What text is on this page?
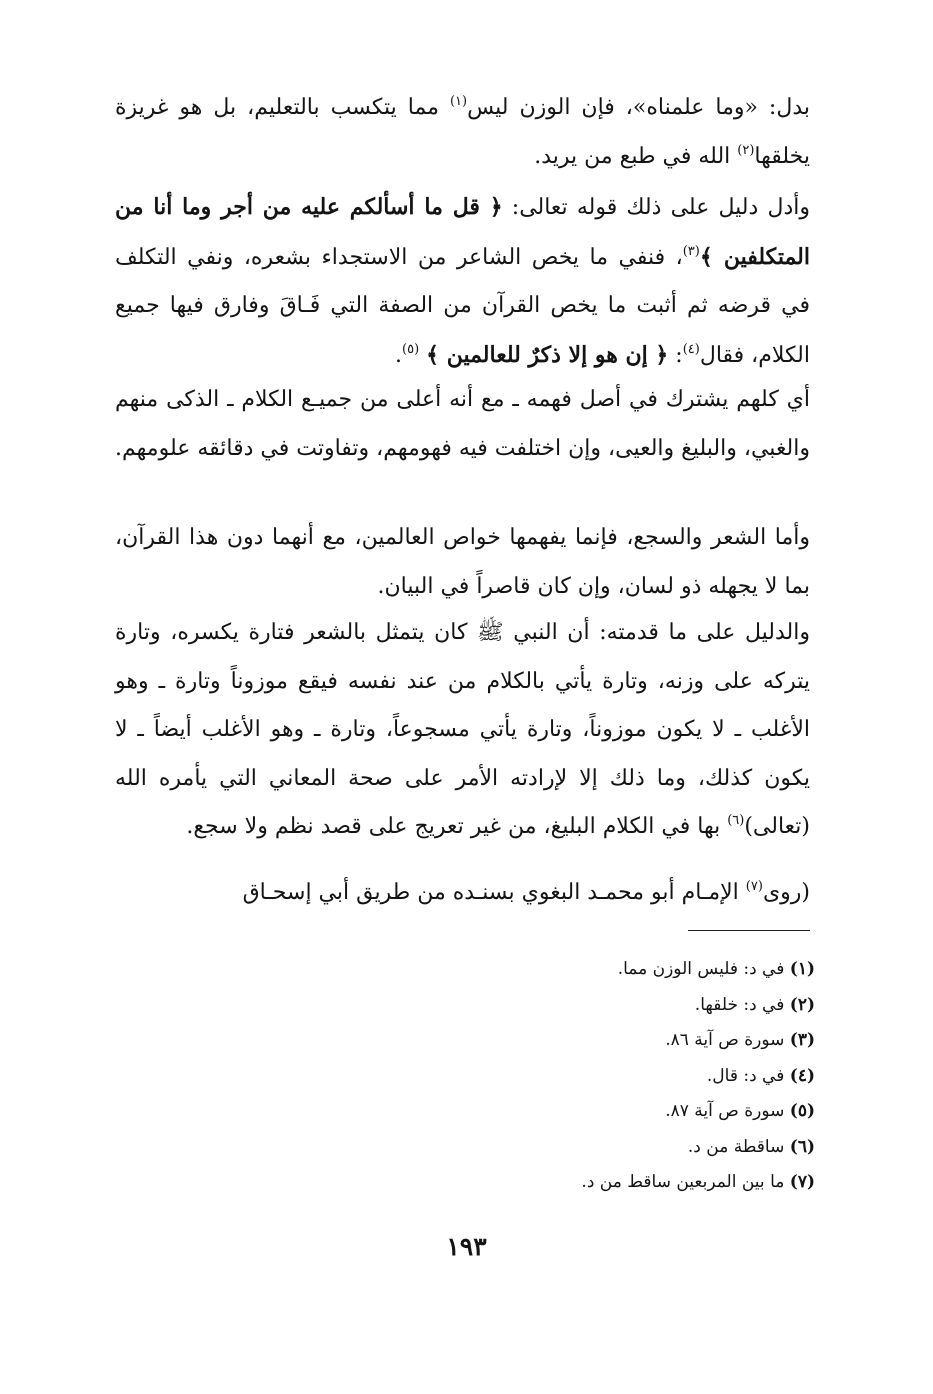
بدل: «وما علمناه»، فإن الوزن ليس$^{(١)}$ مما يتكسب بالتعليم، بل هو غريزة يخلقها$^{(٢)}$ الله في طبع من يريد.

وأدل دليل على ذلك قوله تعالى: ﴿ قل ما أسألكم عليه من أجر وما أنا من المتكلفين ﴾$^{(٣)}$، فنفي ما يخص الشاعر من الاستجداء بشعره، ونفي التكلف في قرضه ثم أثبت ما يخص القرآن من الصفة التي فَـاقَ وفارق فيها جميع الكلام، فقال$^{(٤)}$: ﴿ إن هو إلا ذكرٌ للعالمين ﴾ $^{(٥)}$.

أي كلهم يشترك في أصل فهمه ـ مع أنه أعلى من جميـع الكلام ـ الذكى منهم والغبي، والبليغ والعيى، وإن اختلفت فيه فهومهم، وتفاوتت في دقائقه علومهم.

وأما الشعر والسجع، فإنما يفهمها خواص العالمين، مع أنهما دون هذا القرآن، بما لا يجهله ذو لسان، وإن كان قاصراً في البيان.

والدليل على ما قدمته: أن النبي ﷺ كان يتمثل بالشعر فتارة يكسره، وتارة يتركه على وزنه، وتارة يأتي بالكلام من عند نفسه فيقع موزوناً وتارة ـ وهو الأغلب ـ لا يكون موزوناً، وتارة يأتي مسجوعاً، وتارة ـ وهو الأغلب أيضاً ـ لا يكون كذلك، وما ذلك إلا لإرادته الأمر على صحة المعاني التي يأمره الله (تعالى)$^{(٦)}$ بها في الكلام البليغ، من غير تعريج على قصد نظم ولا سجع.

(روى$^{(٧)}$ الإمـام أبو محمـد البغوي بسنـده من طريق أبي إسحـاق

(١) في د: فليس الوزن مما.
(٢) في د: خلقها.
(٣) سورة ص آية ٨٦.
(٤) في د: قال.
(٥) سورة ص آية ٨٧.
(٦) ساقطة من د.
(٧) ما بين المربعين ساقط من د.
١٩٣
